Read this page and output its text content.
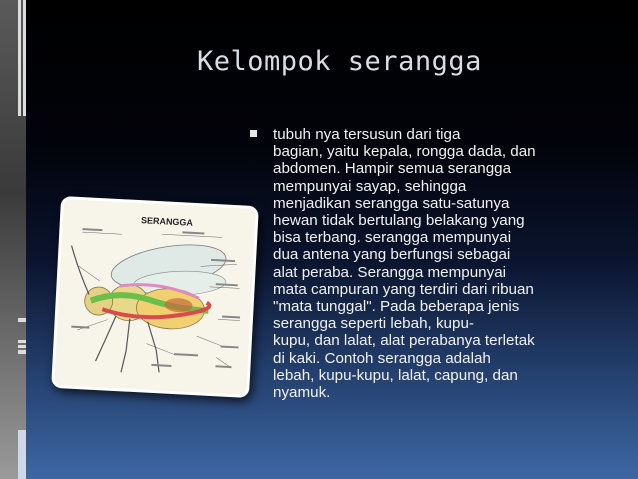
Kelompok serangga
SERANGGA
tubuh nya tersusun dari tiga
bagian, yaitu kepala, rongga dada, dan
abdomen. Hampir semua serangga
mempunyai sayap, sehingga
menjadikan serangga satu-satunya
hewan tidak bertulang belakang yang
bisa terbang. serangga mempunyai
dua antena yang berfungsi sebagai
alat peraba. Serangga mempunyai
mata campuran yang terdiri dari ribuan
"mata tunggal". Pada beberapa jenis
serangga seperti lebah, kupu-
kupu, dan lalat, alat perabanya terletak
di kaki. Contoh serangga adalah
lebah, kupu-kupu, lalat, capung, dan
nyamuk.
